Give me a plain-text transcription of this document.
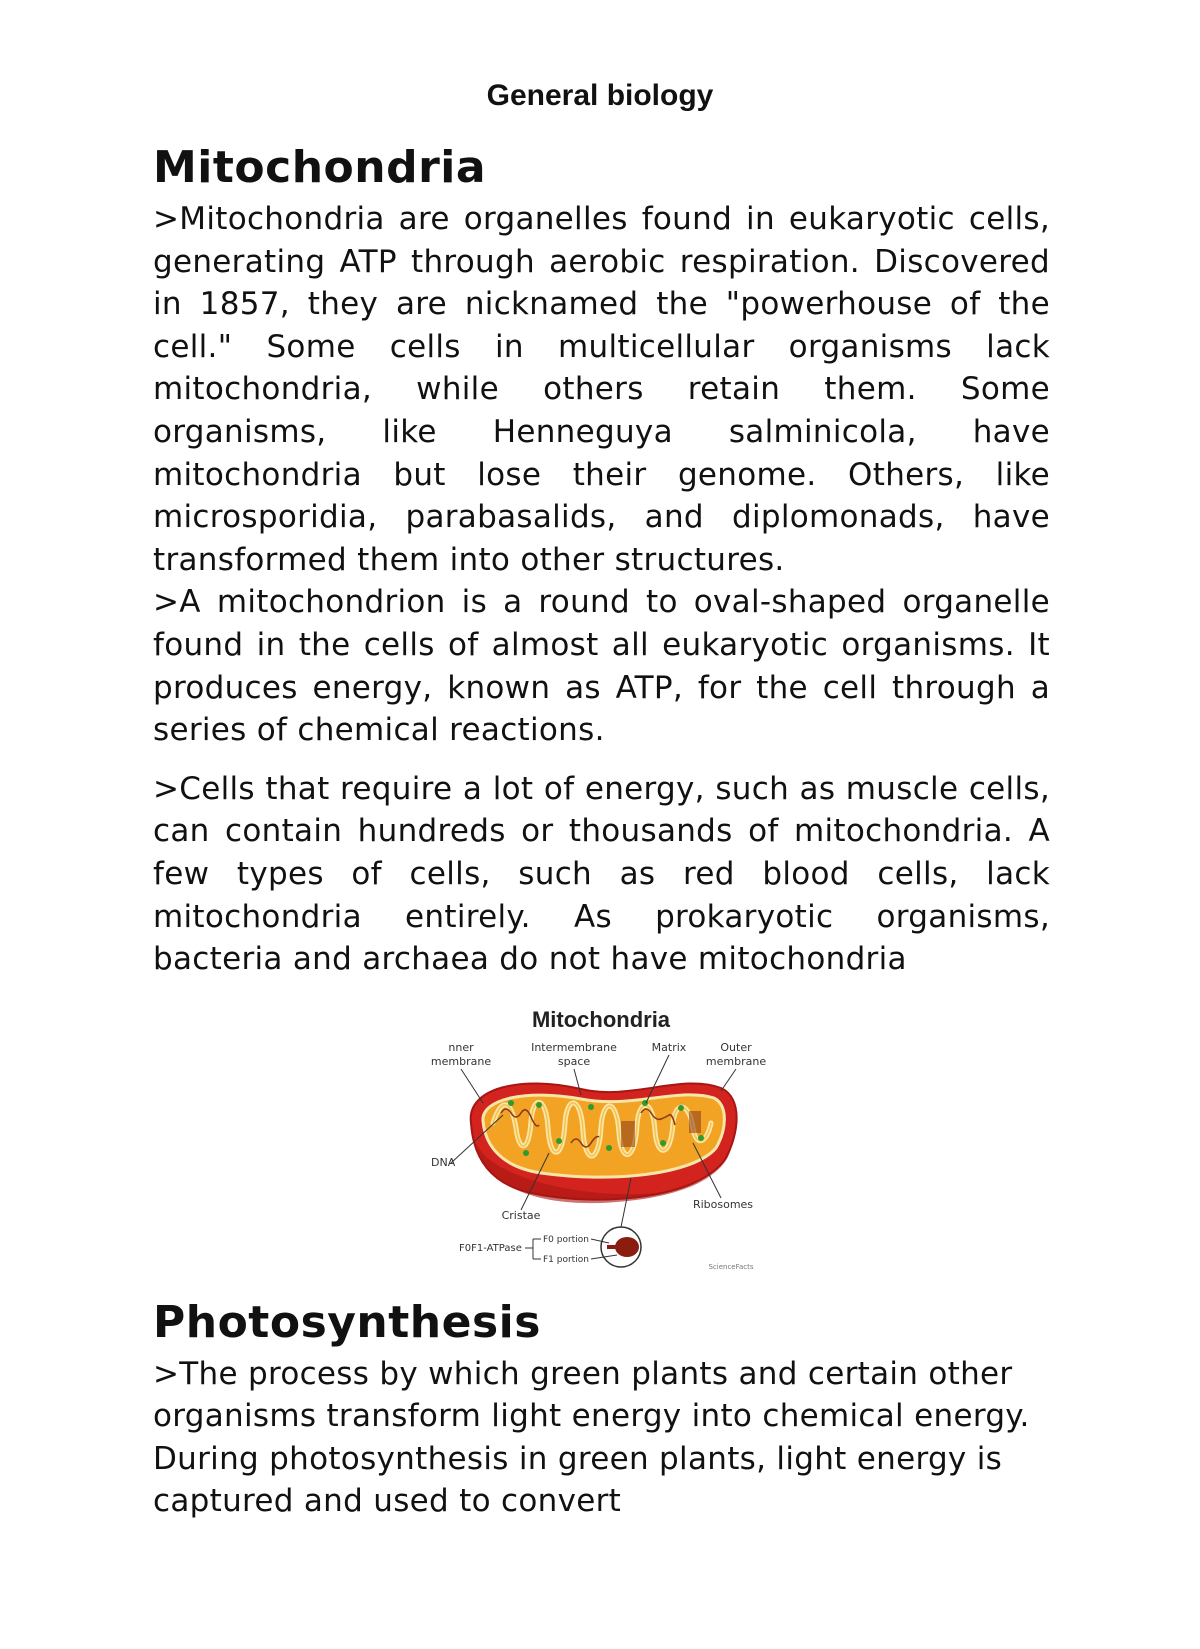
General biology
Mitochondria

>Mitochondria are organelles found in eukaryotic cells, generating ATP through aerobic respiration. Discovered in 1857, they are nicknamed the "powerhouse of the cell." Some cells in multicellular organisms lack mitochondria, while others retain them. Some organisms, like Henneguya salminicola, have mitochondria but lose their genome. Others, like microsporidia, parabasalids, and diplomonads, have transformed them into other structures.

>A mitochondrion is a round to oval-shaped organelle found in the cells of almost all eukaryotic organisms. It produces energy, known as ATP, for the cell through a series of chemical reactions.

>Cells that require a lot of energy, such as muscle cells, can contain hundreds or thousands of mitochondria. A few types of cells, such as red blood cells, lack mitochondria entirely. As prokaryotic organisms, bacteria and archaea do not have mitochondria

Mitochondria
nner
membrane
Intermembrane
space
Matrix	Outer
membrane
DNA
Cristae
Ribosomes
F0F1-ATPase
F0 portion
F1 portion
ScienceFacts
Photosynthesis

>The process by which green plants and certain other organisms transform light energy into chemical energy. During photosynthesis in green plants, light energy is captured and used to convert
